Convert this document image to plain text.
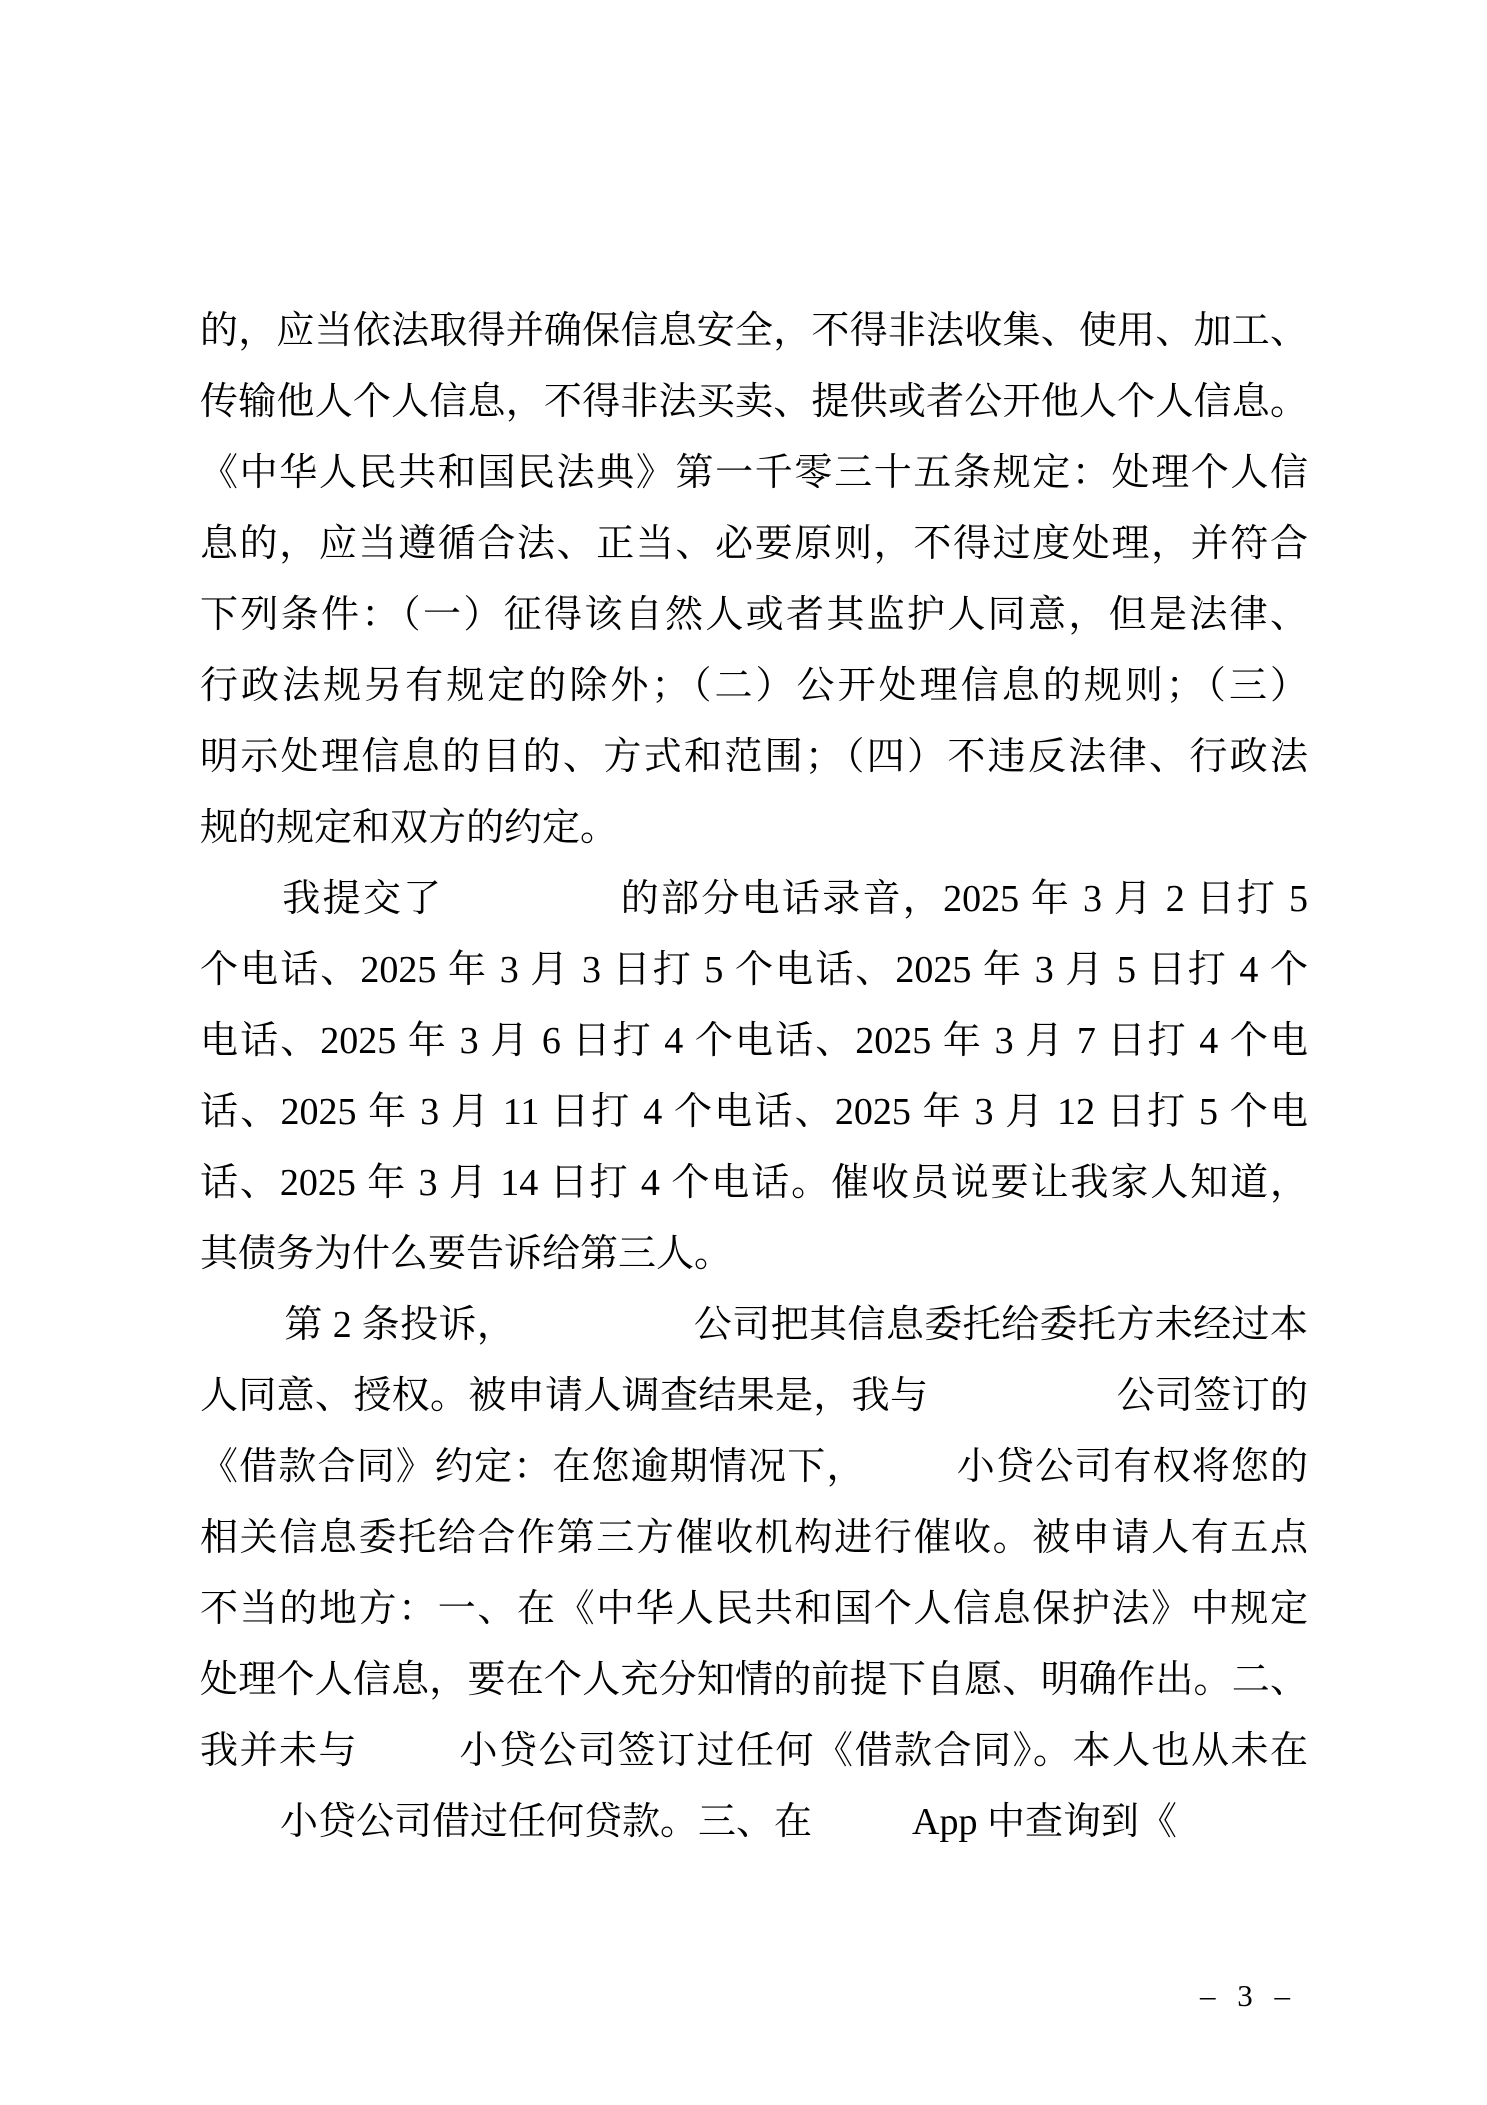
的，应当依法取得并确保信息安全，不得非法收集、使用、加工、
传输他人个人信息，不得非法买卖、提供或者公开他人个人信息。
《中华人民共和国民法典》第一千零三十五条规定：处理个人信
息的，应当遵循合法、正当、必要原则，不得过度处理，并符合
下列条件：（一）征得该自然人或者其监护人同意，但是法律、
行政法规另有规定的除外；（二）公开处理信息的规则；（三）
明示处理信息的目的、方式和范围；（四）不违反法律、行政法
规的规定和双方的约定。
我提交了	的部分电话录音，2025 年 3 月 2 日打 5
个电话、2025 年 3 月 3 日打 5 个电话、2025 年 3 月 5 日打 4 个
电话、2025 年 3 月 6 日打 4 个电话、2025 年 3 月 7 日打 4 个电
话、2025 年 3 月 11 日打 4 个电话、2025 年 3 月 12 日打 5 个电
话、2025 年 3 月 14 日打 4 个电话。催收员说要让我家人知道，
其债务为什么要告诉给第三人。
第 2 条投诉，	公司把其信息委托给委托方未经过本
人同意、授权。被申请人调查结果是，我与	公司签订的
《借款合同》约定：在您逾期情况下， 小贷公司有权将您的
相关信息委托给合作第三方催收机构进行催收。被申请人有五点
不当的地方：一、在《中华人民共和国个人信息保护法》中规定
处理个人信息，要在个人充分知情的前提下自愿、明确作出。二、
我并未与	小贷公司签订过任何《借款合同》。本人也从未在
小贷公司借过任何贷款。三、在	App 中查询到《
– 3 –
